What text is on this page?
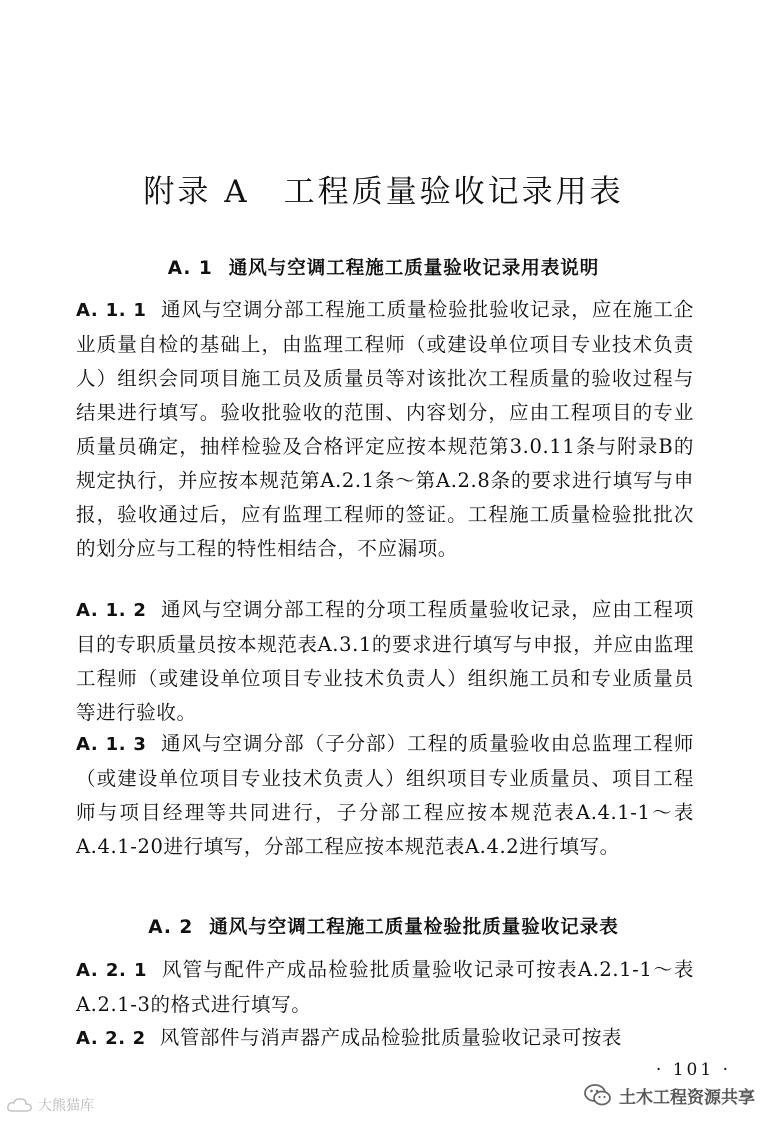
附录 A　工程质量验收记录用表
A. 1 通风与空调工程施工质量验收记录用表说明
A. 1. 1 通风与空调分部工程施工质量检验批验收记录，应在施工企业质量自检的基础上，由监理工程师（或建设单位项目专业技术负责人）组织会同项目施工员及质量员等对该批次工程质量的验收过程与结果进行填写。验收批验收的范围、内容划分，应由工程项目的专业质量员确定，抽样检验及合格评定应按本规范第3.0.11条与附录B的规定执行，并应按本规范第A.2.1条～第A.2.8条的要求进行填写与申报，验收通过后，应有监理工程师的签证。工程施工质量检验批批次的划分应与工程的特性相结合，不应漏项。
A. 1. 2 通风与空调分部工程的分项工程质量验收记录，应由工程项目的专职质量员按本规范表A.3.1的要求进行填写与申报，并应由监理工程师（或建设单位项目专业技术负责人）组织施工员和专业质量员等进行验收。
A. 1. 3 通风与空调分部（子分部）工程的质量验收由总监理工程师（或建设单位项目专业技术负责人）组织项目专业质量员、项目工程师与项目经理等共同进行，子分部工程应按本规范表A.4.1-1～表A.4.1-20进行填写，分部工程应按本规范表A.4.2进行填写。
A. 2 通风与空调工程施工质量检验批质量验收记录表
A. 2. 1 风管与配件产成品检验批质量验收记录可按表A.2.1-1～表A.2.1-3的格式进行填写。
A. 2. 2 风管部件与消声器产成品检验批质量验收记录可按表
· 101 ·
土木工程资源共享
大熊猫库
